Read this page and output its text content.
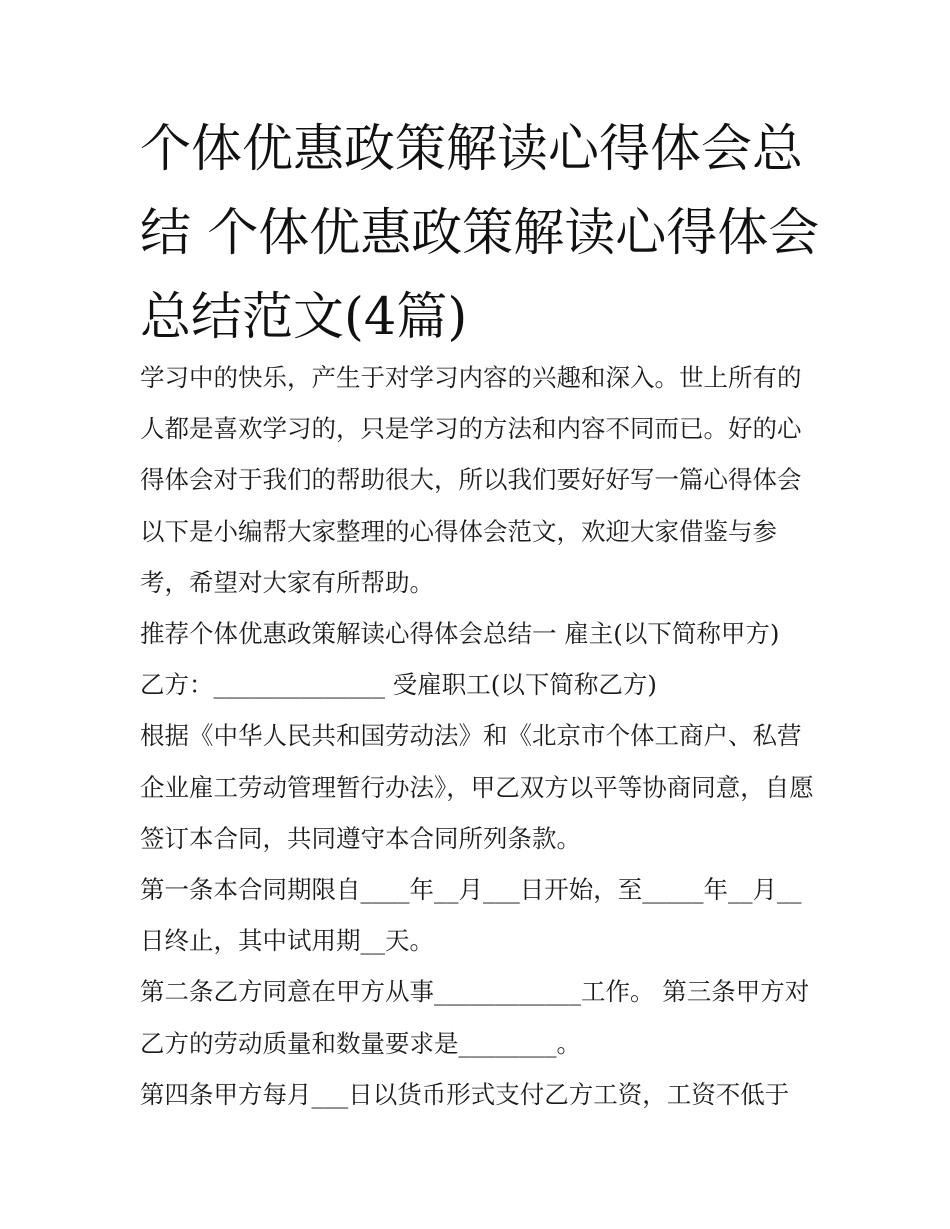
个体优惠政策解读心得体会总结 个体优惠政策解读心得体会总结范文(4篇)

学习中的快乐，产生于对学习内容的兴趣和深入。世上所有的人都是喜欢学习的，只是学习的方法和内容不同而已。好的心得体会对于我们的帮助很大，所以我们要好好写一篇心得体会以下是小编帮大家整理的心得体会范文，欢迎大家借鉴与参考，希望对大家有所帮助。

推荐个体优惠政策解读心得体会总结一 雇主(以下简称甲方)

乙方：______________ 受雇职工(以下简称乙方)

根据《中华人民共和国劳动法》和《北京市个体工商户、私营企业雇工劳动管理暂行办法》，甲乙双方以平等协商同意，自愿签订本合同，共同遵守本合同所列条款。

第一条本合同期限自____年__月___日开始，至_____年__月__日终止，其中试用期__天。

第二条乙方同意在甲方从事____________工作。 第三条甲方对乙方的劳动质量和数量要求是________。

第四条甲方每月___日以货币形式支付乙方工资，工资不低于
